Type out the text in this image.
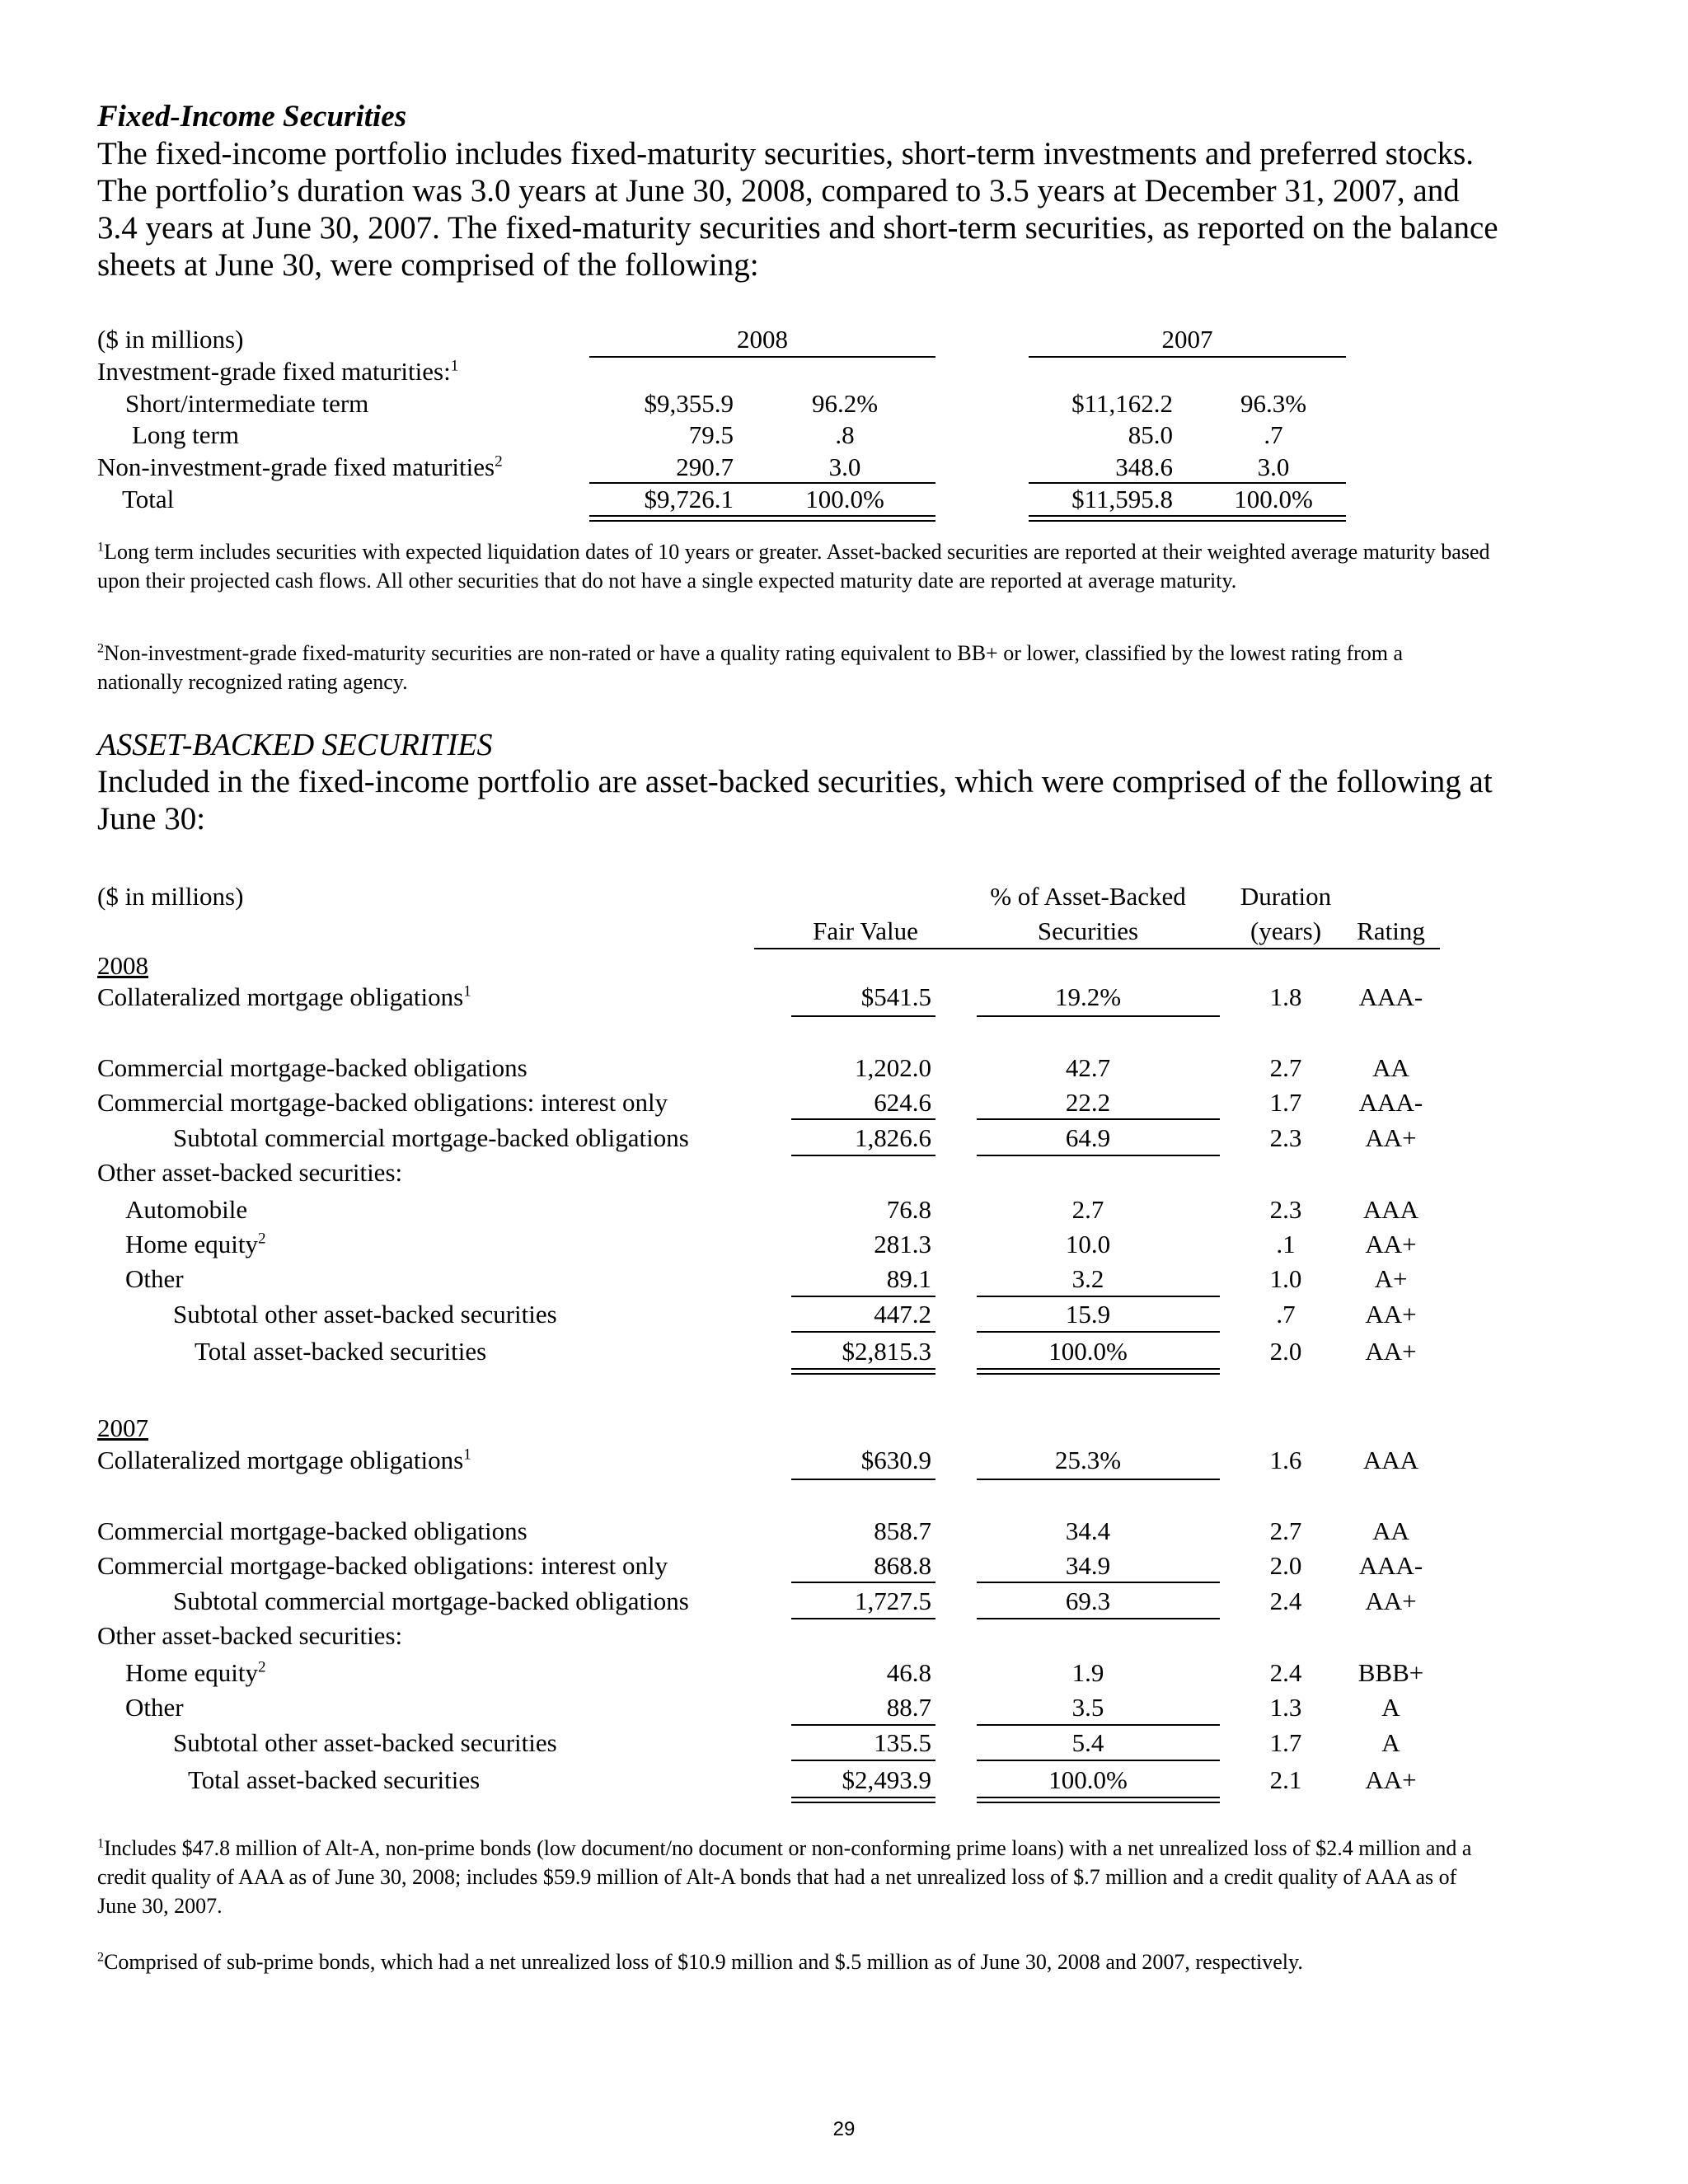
Fixed-Income Securities
The fixed-income portfolio includes fixed-maturity securities, short-term investments and preferred stocks. The portfolio’s duration was 3.0 years at June 30, 2008, compared to 3.5 years at December 31, 2007, and 3.4 years at June 30, 2007. The fixed-maturity securities and short-term securities, as reported on the balance sheets at June 30, were comprised of the following:
($ in millions)	2008	2007
Investment-grade fixed maturities:$^1$
Short/intermediate term	$9,355.9	96.2%	$11,162.2	96.3%
Long term	79.5	.8	85.0	.7
Non-investment-grade fixed maturities$^2$	290.7	3.0	348.6	3.0
Total	$9,726.1	100.0%	$11,595.8	100.0%
$^1$Long term includes securities with expected liquidation dates of 10 years or greater. Asset-backed securities are reported at their weighted average maturity based upon their projected cash flows. All other securities that do not have a single expected maturity date are reported at average maturity.
$^2$Non-investment-grade fixed-maturity securities are non-rated or have a quality rating equivalent to BB+ or lower, classified by the lowest rating from a nationally recognized rating agency.
ASSET-BACKED SECURITIES
Included in the fixed-income portfolio are asset-backed securities, which were comprised of the following at June 30:
($ in millions)	% of Asset-Backed	Duration
Fair Value	Securities	(years)	Rating
2008
Collateralized mortgage obligations$^1$	$541.5	19.2%	1.8	AAA-
Commercial mortgage-backed obligations	1,202.0	42.7	2.7	AA
Commercial mortgage-backed obligations: interest only	624.6	22.2	1.7	AAA-
Subtotal commercial mortgage-backed obligations	1,826.6	64.9	2.3	AA+
Other asset-backed securities:
Automobile	76.8	2.7	2.3	AAA
Home equity$^2$	281.3	10.0	.1	AA+
Other	89.1	3.2	1.0	A+
Subtotal other asset-backed securities	447.2	15.9	.7	AA+
Total asset-backed securities	$2,815.3	100.0%	2.0	AA+
2007
Collateralized mortgage obligations$^1$	$630.9	25.3%	1.6	AAA
Commercial mortgage-backed obligations	858.7	34.4	2.7	AA
Commercial mortgage-backed obligations: interest only	868.8	34.9	2.0	AAA-
Subtotal commercial mortgage-backed obligations	1,727.5	69.3	2.4	AA+
Other asset-backed securities:
Home equity$^2$	46.8	1.9	2.4	BBB+
Other	88.7	3.5	1.3	A
Subtotal other asset-backed securities	135.5	5.4	1.7	A
Total asset-backed securities	$2,493.9	100.0%	2.1	AA+
$^1$Includes $47.8 million of Alt-A, non-prime bonds (low document/no document or non-conforming prime loans) with a net unrealized loss of $2.4 million and a credit quality of AAA as of June 30, 2008; includes $59.9 million of Alt-A bonds that had a net unrealized loss of $.7 million and a credit quality of AAA as of June 30, 2007.
$^2$Comprised of sub-prime bonds, which had a net unrealized loss of $10.9 million and $.5 million as of June 30, 2008 and 2007, respectively.
29
